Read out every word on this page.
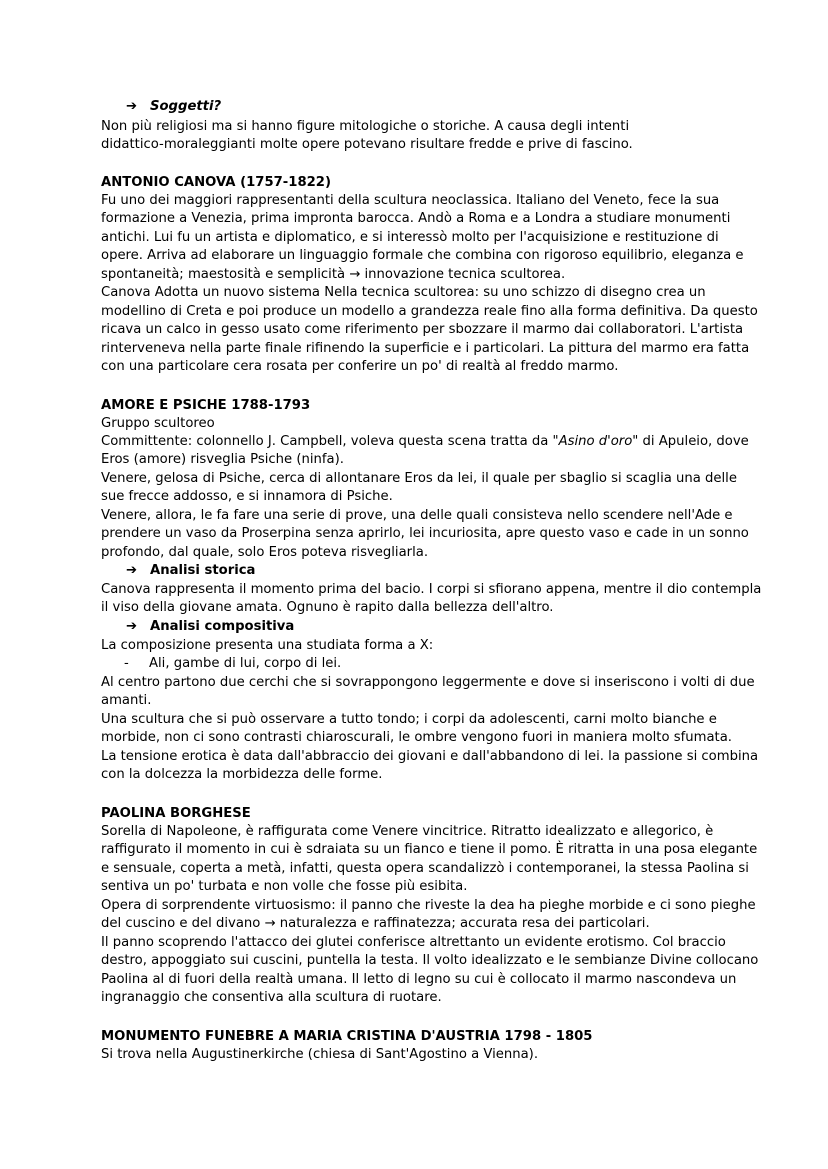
➔ Soggetti?
Non più religiosi ma si hanno figure mitologiche o storiche. A causa degli intenti
didattico-moraleggianti molte opere potevano risultare fredde e prive di fascino.
ANTONIO CANOVA (1757-1822)
Fu uno dei maggiori rappresentanti della scultura neoclassica. Italiano del Veneto, fece la sua
formazione a Venezia, prima impronta barocca. Andò a Roma e a Londra a studiare monumenti
antichi. Lui fu un artista e diplomatico, e si interessò molto per l'acquisizione e restituzione di
opere. Arriva ad elaborare un linguaggio formale che combina con rigoroso equilibrio, eleganza e
spontaneità; maestosità e semplicità → innovazione tecnica scultorea.
Canova Adotta un nuovo sistema Nella tecnica scultorea: su uno schizzo di disegno crea un
modellino di Creta e poi produce un modello a grandezza reale fino alla forma definitiva. Da questo
ricava un calco in gesso usato come riferimento per sbozzare il marmo dai collaboratori. L'artista
rinterveneva nella parte finale rifinendo la superficie e i particolari. La pittura del marmo era fatta
con una particolare cera rosata per conferire un po' di realtà al freddo marmo.
AMORE E PSICHE 1788-1793
Gruppo scultoreo
Committente: colonnello J. Campbell, voleva questa scena tratta da "Asino d'oro" di Apuleio, dove
Eros (amore) risveglia Psiche (ninfa).
Venere, gelosa di Psiche, cerca di allontanare Eros da lei, il quale per sbaglio si scaglia una delle
sue frecce addosso, e si innamora di Psiche.
Venere, allora, le fa fare una serie di prove, una delle quali consisteva nello scendere nell'Ade e
prendere un vaso da Proserpina senza aprirlo, lei incuriosita, apre questo vaso e cade in un sonno
profondo, dal quale, solo Eros poteva risvegliarla.
➔ Analisi storica
Canova rappresenta il momento prima del bacio. I corpi si sfiorano appena, mentre il dio contempla
il viso della giovane amata. Ognuno è rapito dalla bellezza dell'altro.
➔ Analisi compositiva
La composizione presenta una studiata forma a X:
- Ali, gambe di lui, corpo di lei.
Al centro partono due cerchi che si sovrappongono leggermente e dove si inseriscono i volti di due
amanti.
Una scultura che si può osservare a tutto tondo; i corpi da adolescenti, carni molto bianche e
morbide, non ci sono contrasti chiaroscurali, le ombre vengono fuori in maniera molto sfumata.
La tensione erotica è data dall'abbraccio dei giovani e dall'abbandono di lei. la passione si combina
con la dolcezza la morbidezza delle forme.
PAOLINA BORGHESE
Sorella di Napoleone, è raffigurata come Venere vincitrice. Ritratto idealizzato e allegorico, è
raffigurato il momento in cui è sdraiata su un fianco e tiene il pomo. È ritratta in una posa elegante
e sensuale, coperta a metà, infatti, questa opera scandalizzò i contemporanei, la stessa Paolina si
sentiva un po' turbata e non volle che fosse più esibita.
Opera di sorprendente virtuosismo: il panno che riveste la dea ha pieghe morbide e ci sono pieghe
del cuscino e del divano → naturalezza e raffinatezza; accurata resa dei particolari.
Il panno scoprendo l'attacco dei glutei conferisce altrettanto un evidente erotismo. Col braccio
destro, appoggiato sui cuscini, puntella la testa. Il volto idealizzato e le sembianze Divine collocano
Paolina al di fuori della realtà umana. Il letto di legno su cui è collocato il marmo nascondeva un
ingranaggio che consentiva alla scultura di ruotare.
MONUMENTO FUNEBRE A MARIA CRISTINA D'AUSTRIA 1798 - 1805
Si trova nella Augustinerkirche (chiesa di Sant'Agostino a Vienna).
